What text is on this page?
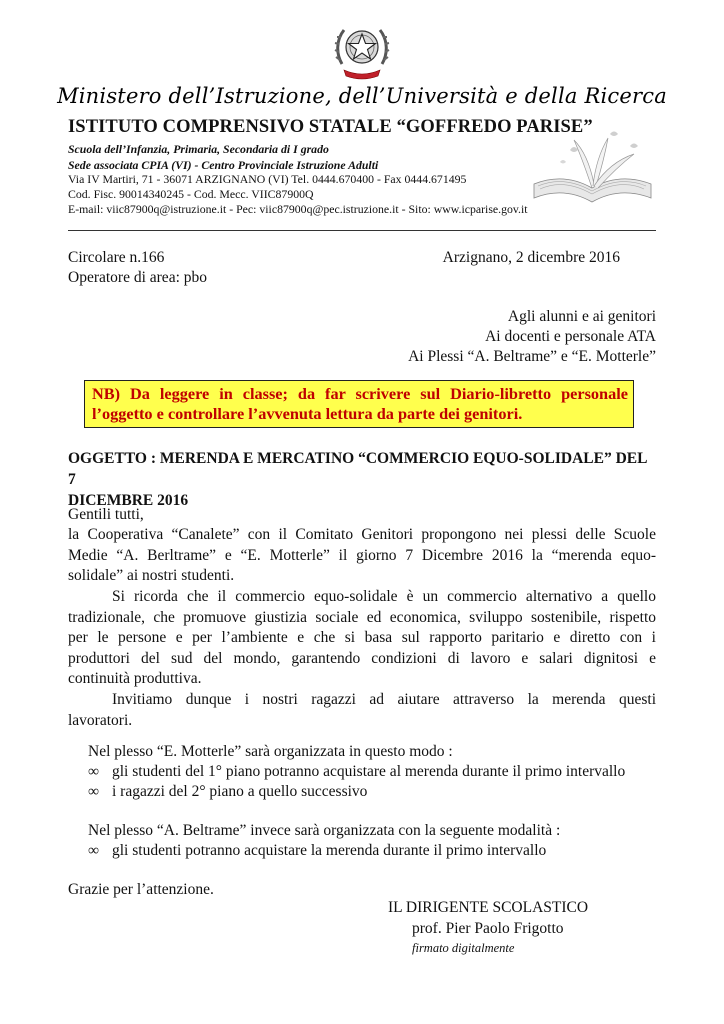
Ministero dell’Istruzione, dell’Università e della Ricerca
ISTITUTO COMPRENSIVO STATALE “GOFFREDO PARISE”
Scuola dell’Infanzia, Primaria, Secondaria di I grado
Sede associata CPIA (VI) - Centro Provinciale Istruzione Adulti
Via IV Martiri, 71 - 36071 ARZIGNANO (VI) Tel. 0444.670400 - Fax 0444.671495
Cod. Fisc. 90014340245 - Cod. Mecc. VIIC87900Q
E-mail: viic87900q@istruzione.it - Pec: viic87900q@pec.istruzione.it - Sito: www.icparise.gov.it
Circolare n.166
Operatore di area: pbo
Arzignano, 2 dicembre 2016
Agli alunni e ai genitori
Ai docenti e personale ATA
Ai Plessi “A. Beltrame” e “E. Motterle”
NB) Da leggere in classe; da far scrivere sul Diario-libretto personale
l’oggetto e controllare l’avvenuta lettura da parte dei genitori.
OGGETTO : MERENDA E MERCATINO “COMMERCIO EQUO-SOLIDALE” DEL 7
DICEMBRE 2016
Gentili tutti,
la Cooperativa “Canalete” con il Comitato Genitori propongono nei plessi delle Scuole
Medie “A. Berltrame” e “E. Motterle” il giorno 7 Dicembre 2016 la “merenda equo-
solidale” ai nostri studenti.
Si ricorda che il commercio equo-solidale è un commercio alternativo a quello
tradizionale, che promuove giustizia sociale ed economica, sviluppo sostenibile, rispetto
per le persone e per l’ambiente e che si basa sul rapporto paritario e diretto con i
produttori del sud del mondo, garantendo condizioni di lavoro e salari dignitosi e
continuità produttiva.
Invitiamo dunque i nostri ragazzi ad aiutare attraverso la merenda questi
lavoratori.
Nel plesso “E. Motterle” sarà organizzata in questo modo :
∞ gli studenti del 1° piano potranno acquistare al merenda durante il primo intervallo
∞ i ragazzi del 2° piano a quello successivo
Nel plesso “A. Beltrame” invece sarà organizzata con la seguente modalità :
∞ gli studenti potranno acquistare la merenda durante il primo intervallo
Grazie per l’attenzione.
IL DIRIGENTE SCOLASTICO
prof. Pier Paolo Frigotto
firmato digitalmente
